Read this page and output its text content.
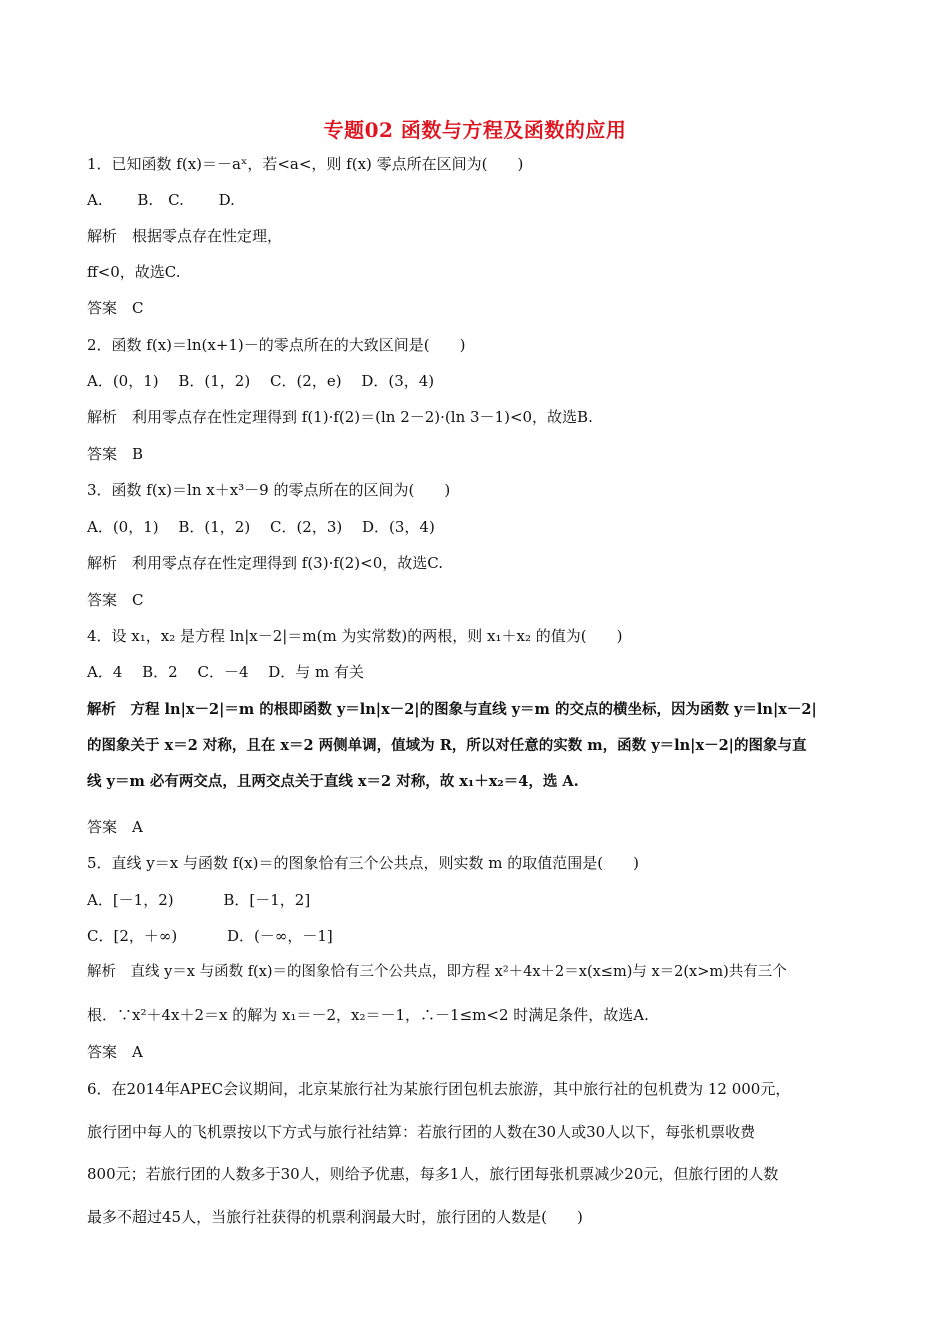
专题02 函数与方程及函数的应用
1．已知函数 f(x)＝－aˣ，若<a<，则 f(x) 零点所在区间为(　　)
A.　　 B.　C.　　 D.
解析　根据零点存在性定理，
ff<0，故选C.
答案　C
2．函数 f(x)＝ln(x+1)－的零点所在的大致区间是(　　)
A．(0，1)　 B．(1，2)　 C．(2，e)　 D．(3，4)
解析　利用零点存在性定理得到 f(1)·f(2)＝(ln 2－2)·(ln 3－1)<0，故选B.
答案　B
3．函数 f(x)＝ln x＋x³－9 的零点所在的区间为(　　)
A．(0，1)　 B．(1，2)　 C．(2，3)　 D．(3，4)
解析　利用零点存在性定理得到 f(3)·f(2)<0，故选C.
答案　C
4．设 x₁，x₂ 是方程 ln|x－2|＝m(m 为实常数)的两根，则 x₁＋x₂ 的值为(　　)
A．4　 B．2　 C．－4　 D．与 m 有关
解析　方程 ln|x－2|＝m 的根即函数 y＝ln|x－2|的图象与直线 y＝m 的交点的横坐标，因为函数 y＝ln|x－2|
的图象关于 x＝2 对称，且在 x＝2 两侧单调，值域为 R，所以对任意的实数 m，函数 y＝ln|x－2|的图象与直
线 y＝m 必有两交点，且两交点关于直线 x＝2 对称，故 x₁＋x₂＝4，选 A.
答案　A
5．直线 y＝x 与函数 f(x)＝的图象恰有三个公共点，则实数 m 的取值范围是(　　)
A．[－1，2)　　　 B．[－1，2]
C．[2，＋∞)　　　 D．(－∞，－1]
解析　直线 y＝x 与函数 f(x)＝的图象恰有三个公共点，即方程 x²＋4x＋2＝x(x≤m)与 x＝2(x>m)共有三个
根．∵x²＋4x＋2＝x 的解为 x₁＝－2，x₂＝－1，∴－1≤m<2 时满足条件，故选A.
答案　A
6．在2014年APEC会议期间，北京某旅行社为某旅行团包机去旅游，其中旅行社的包机费为 12 000元，
旅行团中每人的飞机票按以下方式与旅行社结算：若旅行团的人数在30人或30人以下，每张机票收费
800元；若旅行团的人数多于30人，则给予优惠，每多1人，旅行团每张机票减少20元，但旅行团的人数
最多不超过45人，当旅行社获得的机票利润最大时，旅行团的人数是(　　)
